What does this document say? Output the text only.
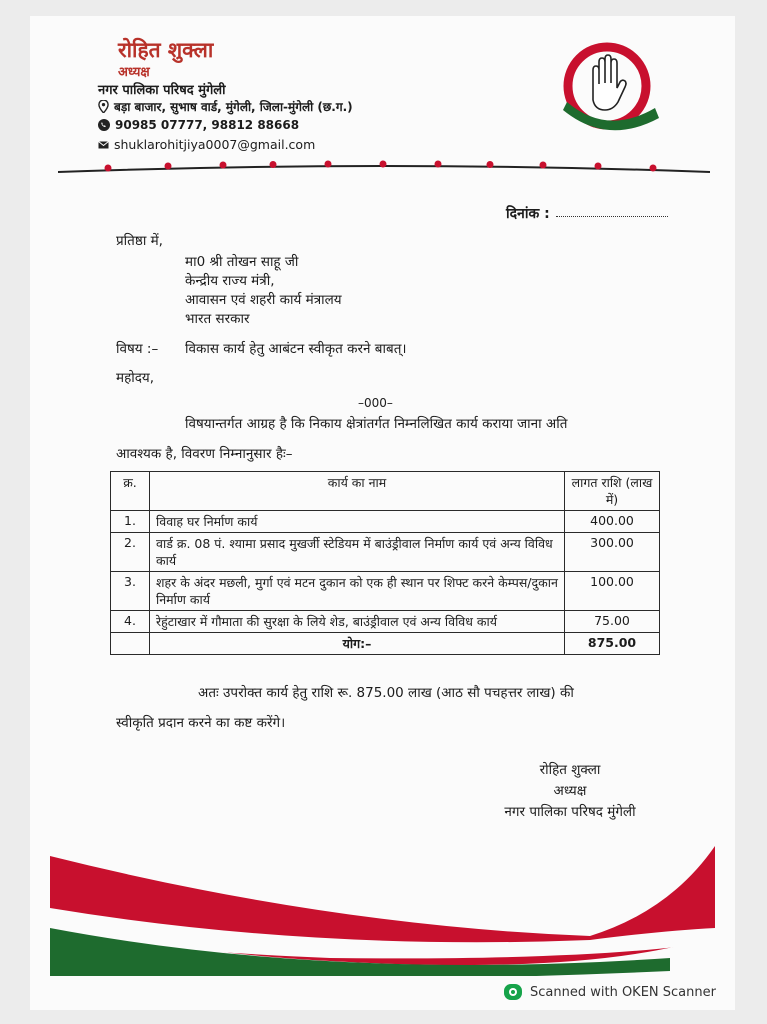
रोहित शुक्ला
अध्यक्ष
नगर पालिका परिषद मुंगेली
बड़ा बाजार, सुभाष वार्ड, मुंगेली, जिला-मुंगेली (छ.ग.)
90985 07777, 98812 88668
shuklarohitjiya0007@gmail.com
दिनांक :
प्रतिष्ठा में,
मा0 श्री तोखन साहू जी
केन्द्रीय राज्य मंत्री,
आवासन एवं शहरी कार्य मंत्रालय
भारत सरकार
विषय :– विकास कार्य हेतु आबंटन स्वीकृत करने बाबत्।
महोदय,
–000–
विषयान्तर्गत आग्रह है कि निकाय क्षेत्रांतर्गत निम्नलिखित कार्य कराया जाना अति
आवश्यक है, विवरण निम्नानुसार हैः–
क्र.	कार्य का नाम	लागत राशि (लाख में)
1.	विवाह घर निर्माण कार्य	400.00
2.	वार्ड क्र. 08 पं. श्यामा प्रसाद मुखर्जी स्टेडियम में बाउंड्रीवाल निर्माण कार्य एवं अन्य विविध कार्य	300.00
3.	शहर के अंदर मछली, मुर्गा एवं मटन दुकान को एक ही स्थान पर शिफ्ट करने केम्पस/दुकान निर्माण कार्य	100.00
4.	रेहुंटाखार में गौमाता की सुरक्षा के लिये शेड, बाउंड्रीवाल एवं अन्य विविध कार्य	75.00
	योग:–	875.00
अतः उपरोक्त कार्य हेतु राशि रू. 875.00 लाख (आठ सौ पचहत्तर लाख) की
स्वीकृति प्रदान करने का कष्ट करेंगे।
रोहित शुक्ला
अध्यक्ष
नगर पालिका परिषद मुंगेली
Scanned with OKEN Scanner
